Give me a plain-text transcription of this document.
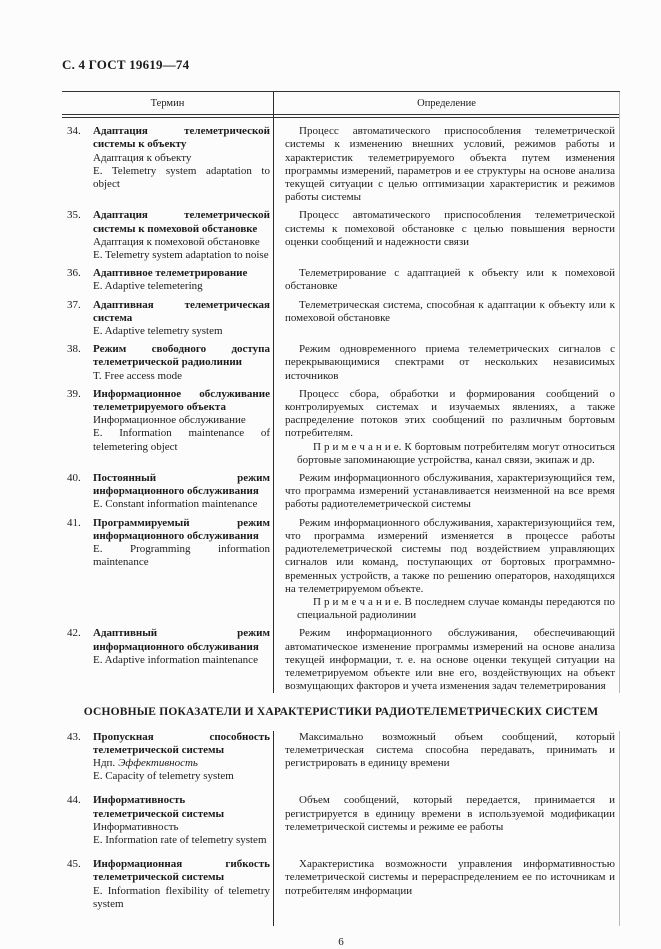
С. 4 ГОСТ 19619—74
Термин	Определение
34. Адаптация телеметрической системы к объекту
Адаптация к объекту
E. Telemetry system adaptation to object

Процесс автоматического приспособления телеметрической системы к изменению внешних условий, режимов работы и характеристик телеметрируемого объекта путем изменения программы измерений, параметров и ее структуры на основе анализа текущей ситуации с целью оптимизации характеристик и режимов работы системы

35. Адаптация телеметрической системы к помеховой обстановке
Адаптация к помеховой обстановке
E. Telemetry system adaptation to noise

Процесс автоматического приспособления телеметрической системы к помеховой обстановке с целью повышения верности оценки сообщений и надежности связи

36. Адаптивное телеметрирование
E. Adaptive telemetering

Телеметрирование с адаптацией к объекту или к помеховой обстановке

37. Адаптивная телеметрическая система
E. Adaptive telemetry system

Телеметрическая система, способная к адаптации к объекту или к помеховой обстановке

38. Режим свободного доступа телеметрической радиолинии
T. Free access mode

Режим одновременного приема телеметрических сигналов с перекрывающимися спектрами от нескольких независимых источников

39. Информационное обслуживание телеметрируемого объекта
Информационное обслуживание
E. Information maintenance of telemetering object

Процесс сбора, обработки и формирования сообщений о контролируемых системах и изучаемых явлениях, а также распределение потоков этих сообщений по различным бортовым потребителям.

П р и м е ч а н и е. К бортовым потребителям могут относиться бортовые запоминающие устройства, канал связи, экипаж и др.

40. Постоянный режим информационного обслуживания
E. Constant information maintenance

Режим информационного обслуживания, характеризующийся тем, что программа измерений устанавливается неизменной на все время работы радиотелеметрической системы

41. Программируемый режим информационного обслуживания
E. Programming information maintenance

Режим информационного обслуживания, характеризующийся тем, что программа измерений изменяется в процессе работы радиотелеметрической системы под воздействием управляющих сигналов или команд, поступающих от бортовых программно-временных устройств, а также по решению операторов, находящихся на телеметрируемом объекте.

П р и м е ч а н и е. В последнем случае команды передаются по специальной радиолинии

42. Адаптивный режим информационного обслуживания
E. Adaptive information maintenance

Режим информационного обслуживания, обеспечивающий автоматическое изменение программы измерений на основе анализа текущей информации, т. е. на основе оценки текущей ситуации на телеметрируемом объекте или вне его, воздействующих на объект возмущающих факторов и учета изменения задач телеметрирования

ОСНОВНЫЕ ПОКАЗАТЕЛИ И ХАРАКТЕРИСТИКИ РАДИОТЕЛЕМЕТРИЧЕСКИХ СИСТЕМ
43. Пропускная способность телеметрической системы
Ндп. Эффективность
E. Capacity of telemetry system

Максимально возможный объем сообщений, который телеметрическая система способна передавать, принимать и регистрировать в единицу времени

44. Информативность телеметрической системы
Информативность
E. Information rate of telemetry system

Объем сообщений, который передается, принимается и регистрируется в единицу времени в используемой модификации телеметрической системы и режиме ее работы

45. Информационная гибкость телеметрической системы
E. Information flexibility of telemetry system

Характеристика возможности управления информативностью телеметрической системы и перераспределением ее по источникам и потребителям информации

6
